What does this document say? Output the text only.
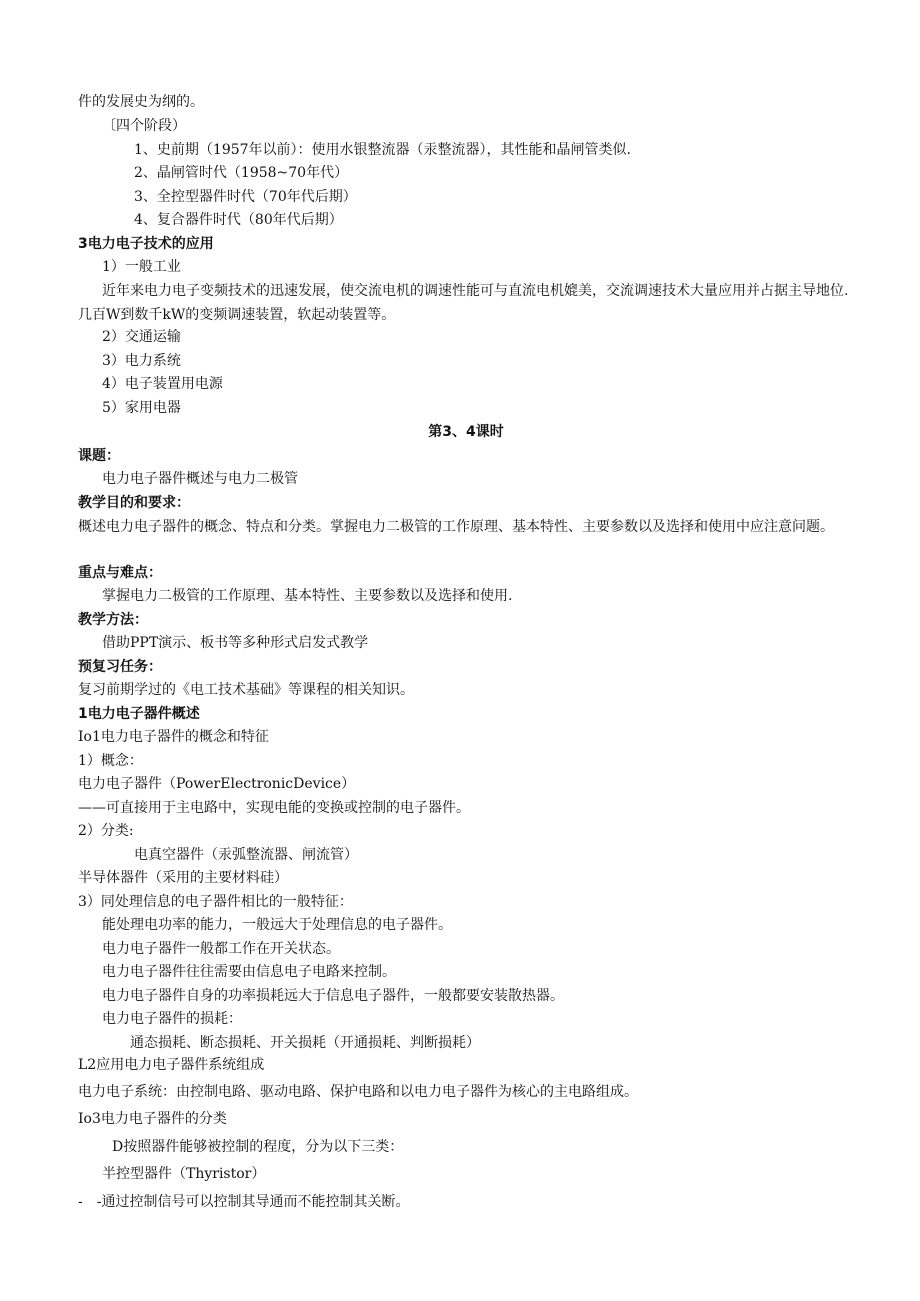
件的发展史为纲的。
〔四个阶段）
1、史前期（1957年以前）：使用水银整流器（汞整流器），其性能和晶闸管类似.
2、晶闸管时代（1958~70年代）
3、全控型器件时代（70年代后期）
4、复合器件时代（80年代后期）
3电力电子技术的应用
1）一般工业
近年来电力电子变频技术的迅速发展，使交流电机的调速性能可与直流电机媲美，交流调速技术大量应用并占据主导地位.几百W到数千kW的变频调速装置，软起动装置等。
2）交通运输
3）电力系统
4）电子装置用电源
5）家用电器
第3、4课时
课题：
电力电子器件概述与电力二极管
教学目的和要求：
概述电力电子器件的概念、特点和分类。掌握电力二极管的工作原理、基本特性、主要参数以及选择和使用中应注意问题。
重点与难点：
掌握电力二极管的工作原理、基本特性、主要参数以及选择和使用.
教学方法：
借助PPT演示、板书等多种形式启发式教学
预复习任务：
复习前期学过的《电工技术基础》等课程的相关知识。
1电力电子器件概述
Io1电力电子器件的概念和特征
1）概念：
电力电子器件（PowerElectronicDevice）
——可直接用于主电路中，实现电能的变换或控制的电子器件。
2）分类:
电真空器件（汞弧整流器、闸流管）
半导体器件（采用的主要材料硅）
3）同处理信息的电子器件相比的一般特征：
能处理电功率的能力，一般远大于处理信息的电子器件。
电力电子器件一般都工作在开关状态。
电力电子器件往往需要由信息电子电路来控制。
电力电子器件自身的功率损耗远大于信息电子器件，一般都要安装散热器。
电力电子器件的损耗：
通态损耗、断态损耗、开关损耗（开通损耗、判断损耗）
L2应用电力电子器件系统组成
电力电子系统：由控制电路、驱动电路、保护电路和以电力电子器件为核心的主电路组成。
Io3电力电子器件的分类
D按照器件能够被控制的程度，分为以下三类：
半控型器件（Thyristor）
-　-通过控制信号可以控制其导通而不能控制其关断。
